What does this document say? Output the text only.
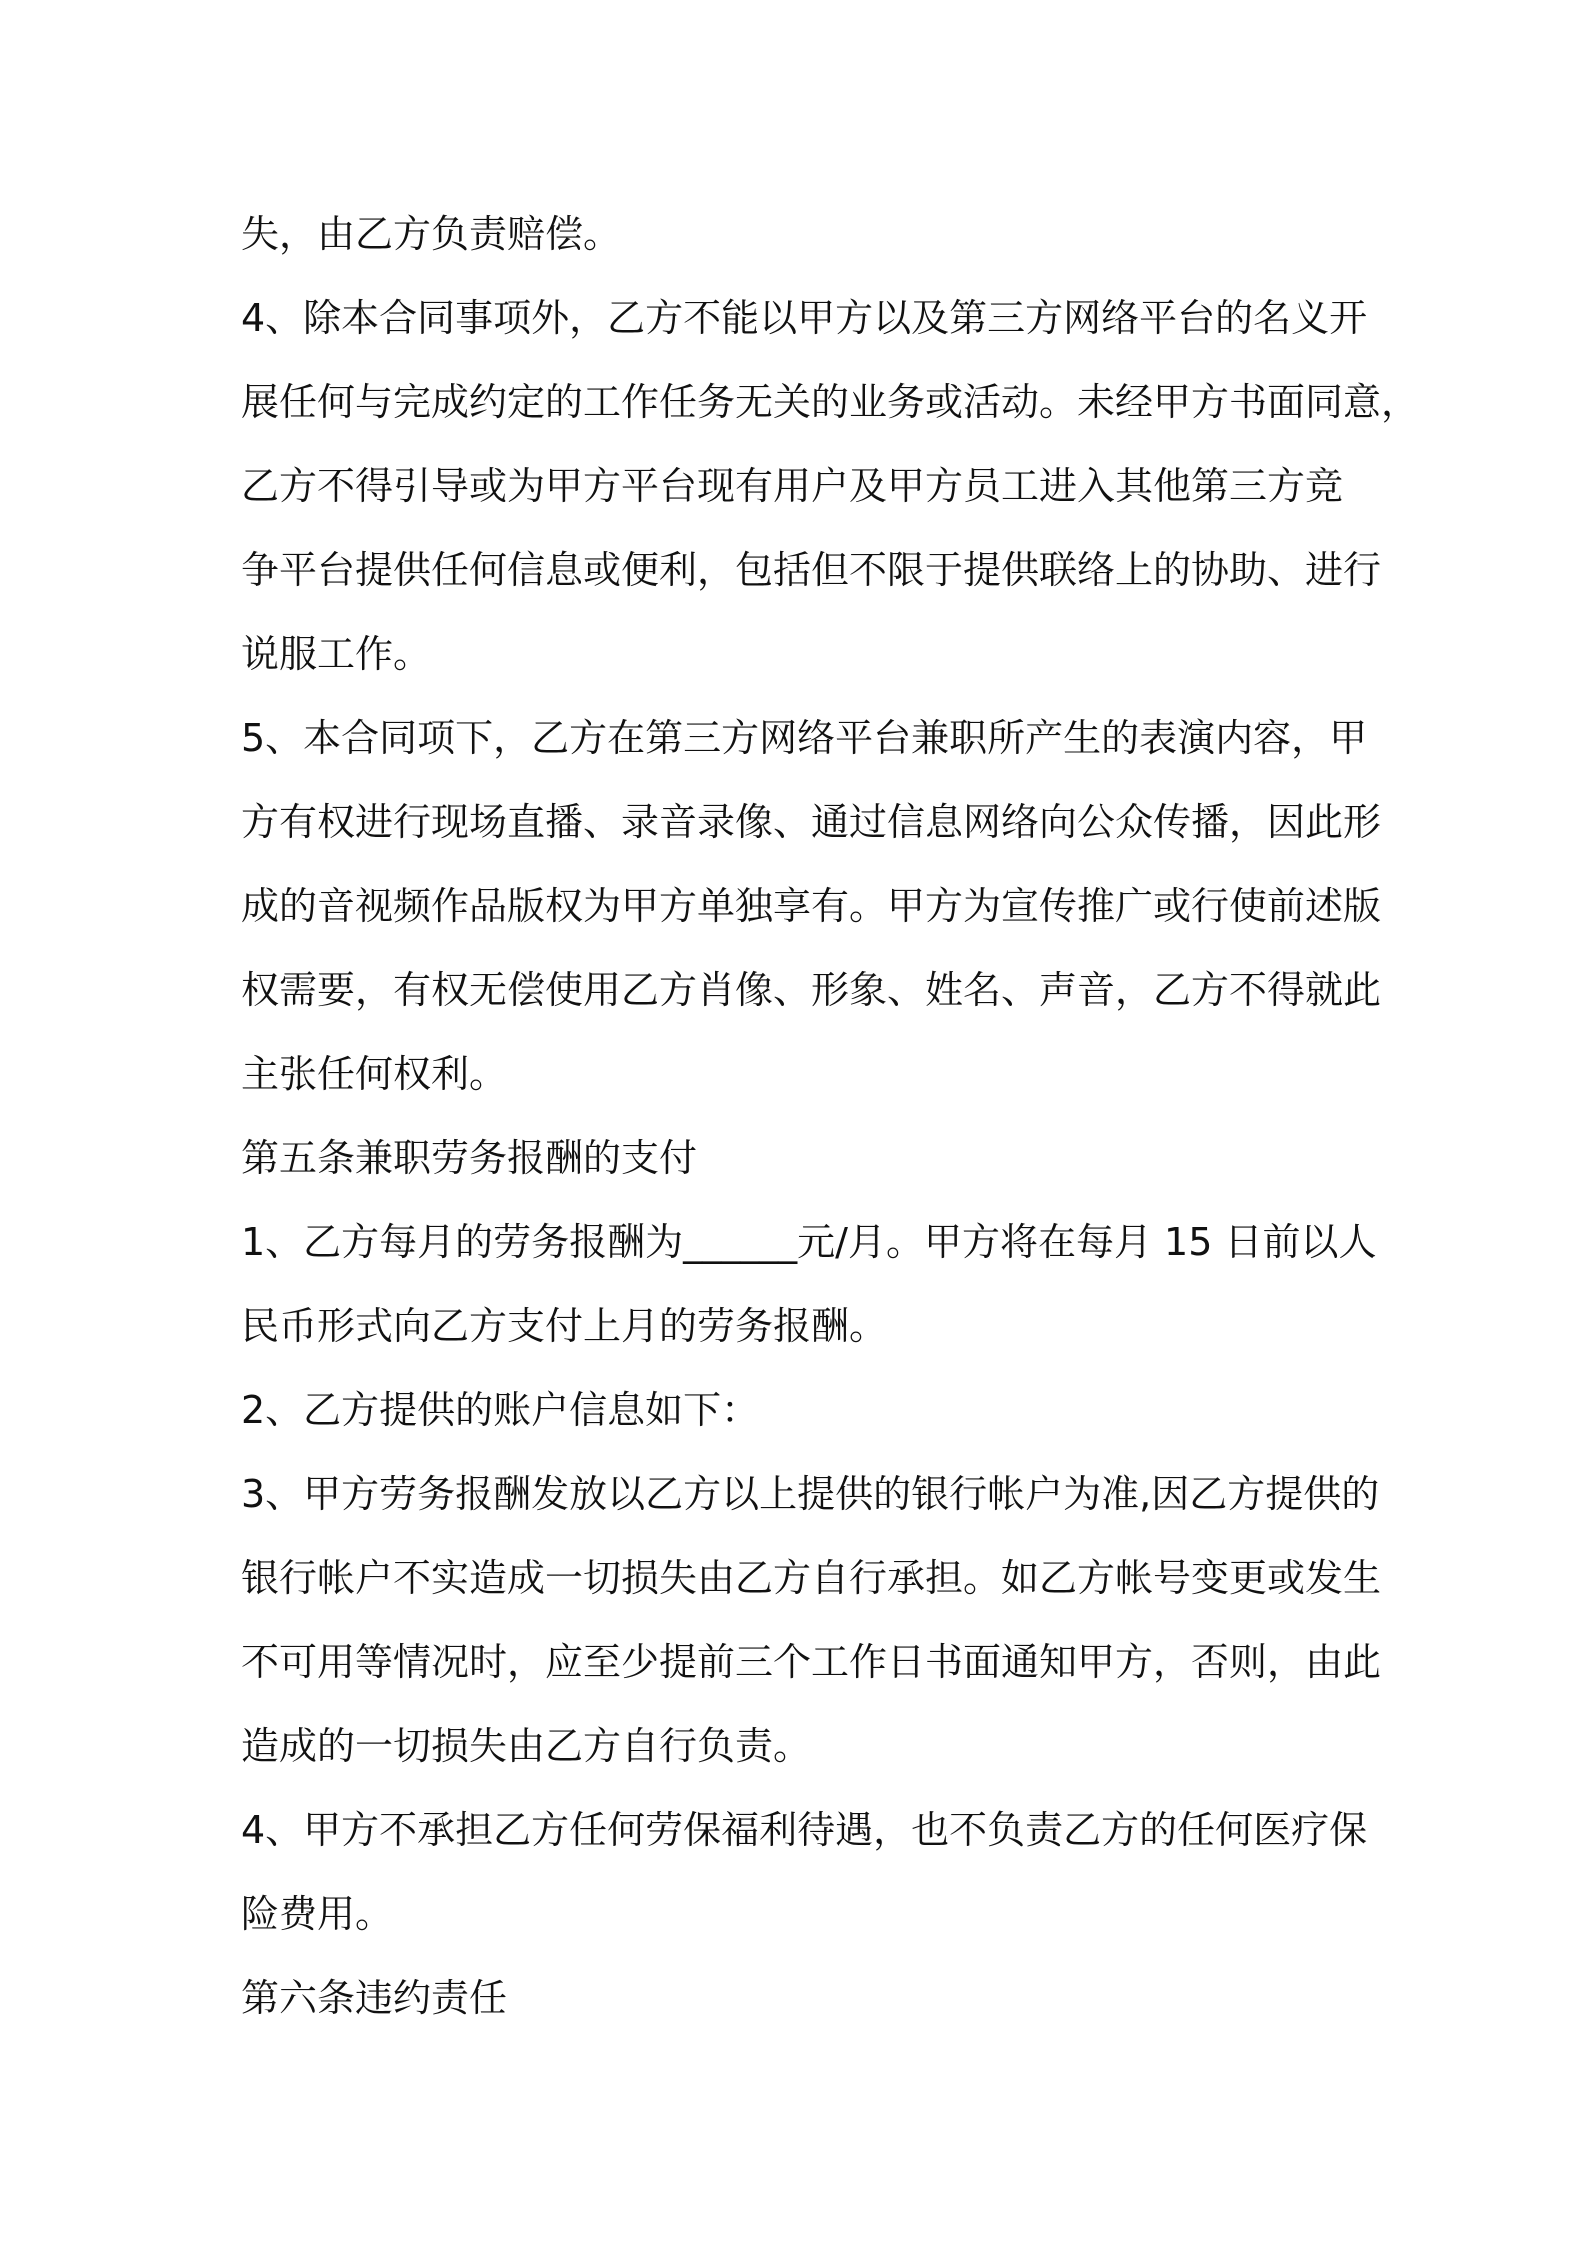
失，由乙方负责赔偿。
4、除本合同事项外，乙方不能以甲方以及第三方网络平台的名义开
展任何与完成约定的工作任务无关的业务或活动。未经甲方书面同意，
乙方不得引导或为甲方平台现有用户及甲方员工进入其他第三方竞
争平台提供任何信息或便利，包括但不限于提供联络上的协助、进行
说服工作。
5、本合同项下，乙方在第三方网络平台兼职所产生的表演内容，甲
方有权进行现场直播、录音录像、通过信息网络向公众传播，因此形
成的音视频作品版权为甲方单独享有。甲方为宣传推广或行使前述版
权需要，有权无偿使用乙方肖像、形象、姓名、声音，乙方不得就此
主张任何权利。
第五条兼职劳务报酬的支付
1、乙方每月的劳务报酬为______元/月。甲方将在每月 15 日前以人
民币形式向乙方支付上月的劳务报酬。
2、乙方提供的账户信息如下：
3、甲方劳务报酬发放以乙方以上提供的银行帐户为准,因乙方提供的
银行帐户不实造成一切损失由乙方自行承担。如乙方帐号变更或发生
不可用等情况时，应至少提前三个工作日书面通知甲方，否则，由此
造成的一切损失由乙方自行负责。
4、甲方不承担乙方任何劳保福利待遇，也不负责乙方的任何医疗保
险费用。
第六条违约责任
